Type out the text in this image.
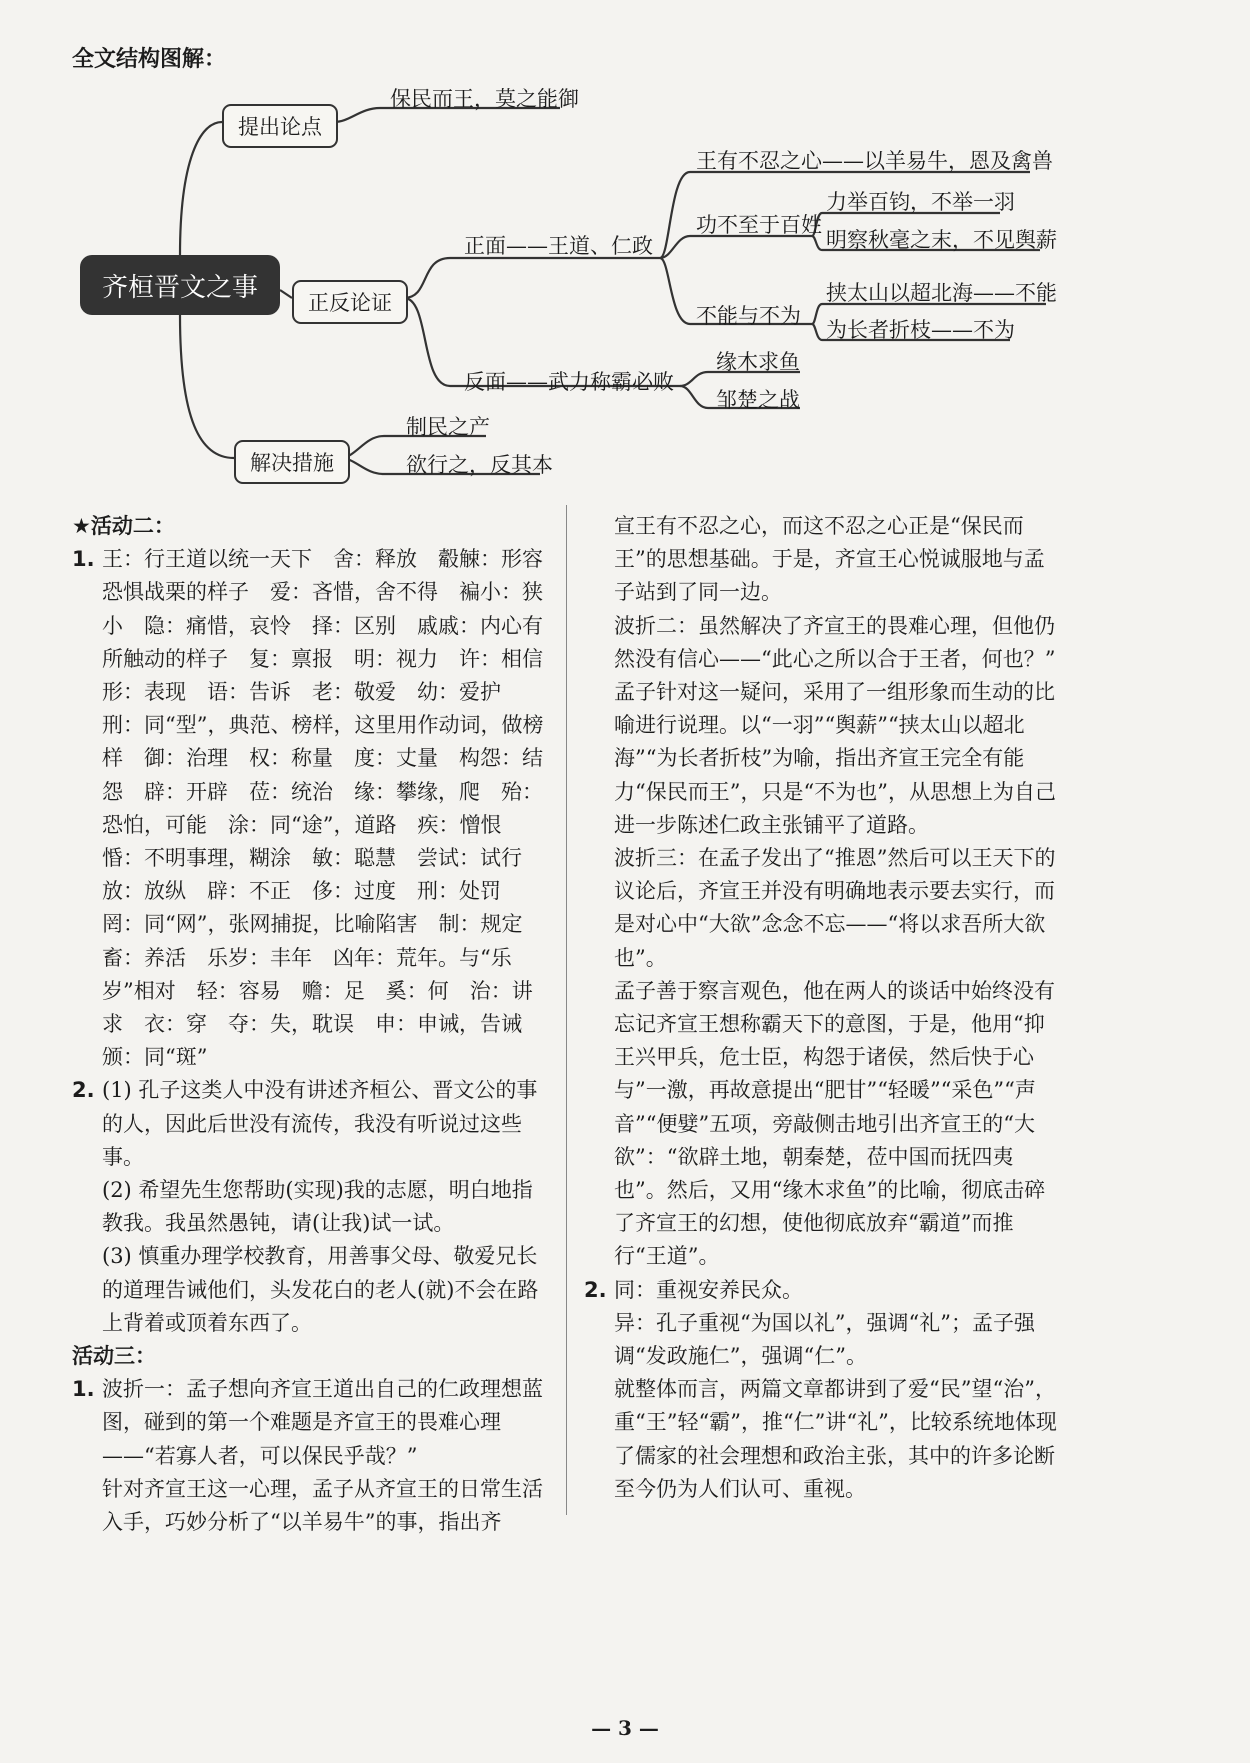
全文结构图解：
齐桓晋文之事
提出论点
保民而王，莫之能御
正反论证
正面——王道、仁政
王有不忍之心——以羊易牛，恩及禽兽
功不至于百姓
力举百钧，不举一羽
明察秋毫之末，不见舆薪
不能与不为
挟太山以超北海——不能
为长者折枝——不为
反面——武力称霸必败
缘木求鱼
邹楚之战
解决措施
制民之产
欲行之，反其本

★活动二：

1. 王：行王道以统一天下　舍：释放　觳觫：形容恐惧战栗的样子　爱：吝惜，舍不得　褊小：狭小　隐：痛惜，哀怜　择：区别　戚戚：内心有所触动的样子　复：禀报　明：视力　许：相信　形：表现　语：告诉　老：敬爱　幼：爱护　刑：同“型”，典范、榜样，这里用作动词，做榜样　御：治理　权：称量　度：丈量　构怨：结怨　辟：开辟　莅：统治　缘：攀缘，爬　殆：恐怕，可能　涂：同“途”，道路　疾：憎恨　惛：不明事理，糊涂　敏：聪慧　尝试：试行　放：放纵　辟：不正　侈：过度　刑：处罚　罔：同“网”，张网捕捉，比喻陷害　制：规定　畜：养活　乐岁：丰年　凶年：荒年。与“乐岁”相对　轻：容易　赡：足　奚：何　治：讲求　衣：穿　夺：失，耽误　申：申诫，告诫　颁：同“斑”

2. (1) 孔子这类人中没有讲述齐桓公、晋文公的事的人，因此后世没有流传，我没有听说过这些事。

(2) 希望先生您帮助(实现)我的志愿，明白地指教我。我虽然愚钝，请(让我)试一试。

(3) 慎重办理学校教育，用善事父母、敬爱兄长的道理告诫他们，头发花白的老人(就)不会在路上背着或顶着东西了。

活动三：

1. 波折一：孟子想向齐宣王道出自己的仁政理想蓝图，碰到的第一个难题是齐宣王的畏难心理——“若寡人者，可以保民乎哉？”

针对齐宣王这一心理，孟子从齐宣王的日常生活入手，巧妙分析了“以羊易牛”的事，指出齐

宣王有不忍之心，而这不忍之心正是“保民而王”的思想基础。于是，齐宣王心悦诚服地与孟子站到了同一边。

波折二：虽然解决了齐宣王的畏难心理，但他仍然没有信心——“此心之所以合于王者，何也？”

孟子针对这一疑问，采用了一组形象而生动的比喻进行说理。以“一羽”“舆薪”“挟太山以超北海”“为长者折枝”为喻，指出齐宣王完全有能力“保民而王”，只是“不为也”，从思想上为自己进一步陈述仁政主张铺平了道路。

波折三：在孟子发出了“推恩”然后可以王天下的议论后，齐宣王并没有明确地表示要去实行，而是对心中“大欲”念念不忘——“将以求吾所大欲也”。

孟子善于察言观色，他在两人的谈话中始终没有忘记齐宣王想称霸天下的意图，于是，他用“抑王兴甲兵，危士臣，构怨于诸侯，然后快于心与”一激，再故意提出“肥甘”“轻暖”“采色”“声音”“便嬖”五项，旁敲侧击地引出齐宣王的“大欲”：“欲辟土地，朝秦楚，莅中国而抚四夷也”。然后，又用“缘木求鱼”的比喻，彻底击碎了齐宣王的幻想，使他彻底放弃“霸道”而推行“王道”。

2. 同：重视安养民众。

异：孔子重视“为国以礼”，强调“礼”；孟子强调“发政施仁”，强调“仁”。

就整体而言，两篇文章都讲到了爱“民”望“治”，重“王”轻“霸”，推“仁”讲“礼”，比较系统地体现了儒家的社会理想和政治主张，其中的许多论断至今仍为人们认可、重视。

— 3 —
